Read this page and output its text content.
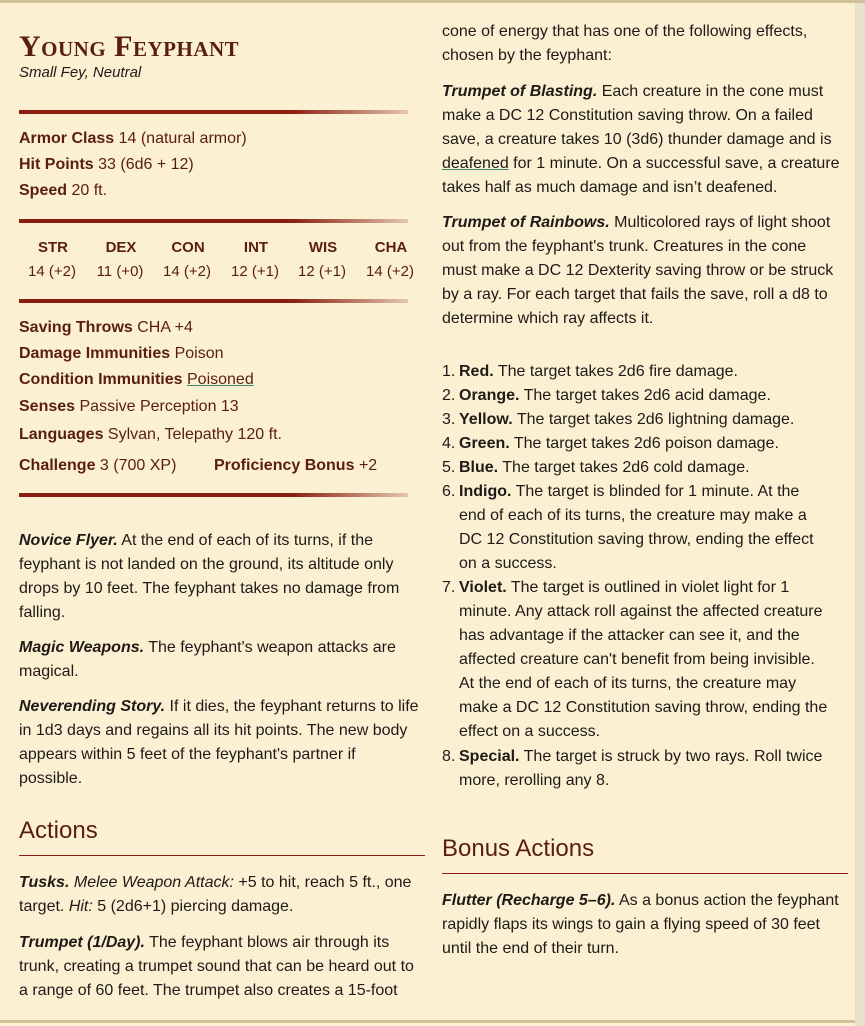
Young Feyphant
Small Fey, Neutral
Armor Class 14 (natural armor)
Hit Points 33 (6d6 + 12)
Speed 20 ft.
STR	DEX	CON	INT	WIS	CHA
14 (+2)	11 (+0)	14 (+2)	12 (+1)	12 (+1)	14 (+2)
Saving Throws CHA +4
Damage Immunities Poison
Condition Immunities Poisoned
Senses Passive Perception 13
Languages Sylvan, Telepathy 120 ft.
Challenge 3 (700 XP) Proficiency Bonus +2
Novice Flyer. At the end of each of its turns, if the
feyphant is not landed on the ground, its altitude only
drops by 10 feet. The feyphant takes no damage from
falling.
Magic Weapons. The feyphant's weapon attacks are
magical.
Neverending Story. If it dies, the feyphant returns to life
in 1d3 days and regains all its hit points. The new body
appears within 5 feet of the feyphant's partner if
possible.
Actions
Tusks. Melee Weapon Attack: +5 to hit, reach 5 ft., one
target. Hit: 5 (2d6+1) piercing damage.
Trumpet (1/Day). The feyphant blows air through its
trunk, creating a trumpet sound that can be heard out to
a range of 60 feet. The trumpet also creates a 15-foot
cone of energy that has one of the following effects,
chosen by the feyphant:
Trumpet of Blasting. Each creature in the cone must
make a DC 12 Constitution saving throw. On a failed
save, a creature takes 10 (3d6) thunder damage and is
deafened for 1 minute. On a successful save, a creature
takes half as much damage and isn’t deafened.
Trumpet of Rainbows. Multicolored rays of light shoot
out from the feyphant's trunk. Creatures in the cone
must make a DC 12 Dexterity saving throw or be struck
by a ray. For each target that fails the save, roll a d8 to
determine which ray affects it.
1. Red. The target takes 2d6 fire damage.
2. Orange. The target takes 2d6 acid damage.
3. Yellow. The target takes 2d6 lightning damage.
4. Green. The target takes 2d6 poison damage.
5. Blue. The target takes 2d6 cold damage.
6. Indigo. The target is blinded for 1 minute. At the
end of each of its turns, the creature may make a
DC 12 Constitution saving throw, ending the effect
on a success.
7. Violet. The target is outlined in violet light for 1
minute. Any attack roll against the affected creature
has advantage if the attacker can see it, and the
affected creature can't benefit from being invisible.
At the end of each of its turns, the creature may
make a DC 12 Constitution saving throw, ending the
effect on a success.
8. Special. The target is struck by two rays. Roll twice
more, rerolling any 8.
Bonus Actions
Flutter (Recharge 5–6). As a bonus action the feyphant
rapidly flaps its wings to gain a flying speed of 30 feet
until the end of their turn.
